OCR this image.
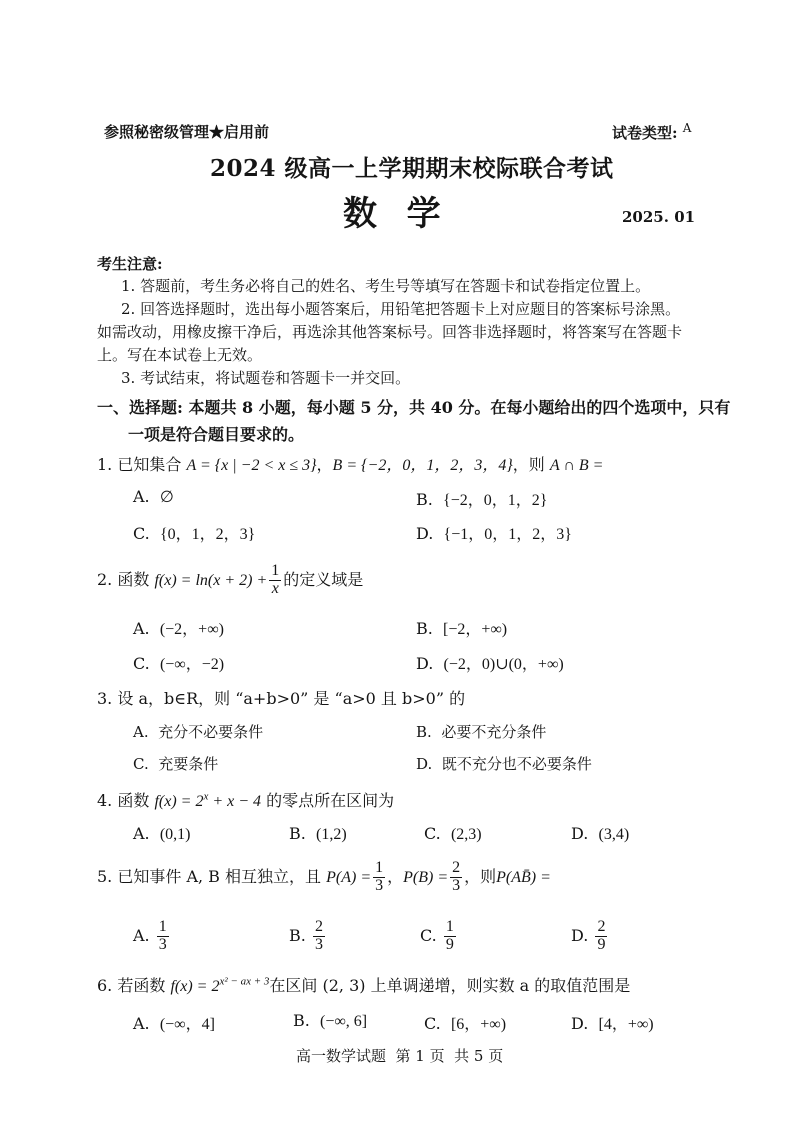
参照秘密级管理★启用前	试卷类型: $^A$
2024 级高一上学期期末校际联合考试
数  学	2025. 01
考生注意:
1. 答题前，考生务必将自己的姓名、考生号等填写在答题卡和试卷指定位置上。
2. 回答选择题时，选出每小题答案后，用铅笔把答题卡上对应题目的答案标号涂黑。
如需改动，用橡皮擦干净后，再选涂其他答案标号。回答非选择题时，将答案写在答题卡
上。写在本试卷上无效。
3. 考试结束，将试题卷和答题卡一并交回。
一、选择题: 本题共 8 小题，每小题 5 分，共 40 分。在每小题给出的四个选项中，只有
一项是符合题目要求的。
1. 已知集合 A = {x | −2 < x ≤ 3}，B = {−2，0，1，2，3，4}，则 A ∩ B =
A. ∅	B. {−2，0，1，2}
C. {0，1，2，3}	D. {−1，0，1，2，3}
2. 函数 $f(x) = \ln(x + 2) + \frac{1}{x}$ 的定义域是
A. (−2，+∞)	B. [−2，+∞)
C. (−∞，−2)	D. (−2，0)∪(0，+∞)
3. 设 a，b∈R，则 “a+b>0” 是 “a>0 且 b>0” 的
A. 充分不必要条件	B. 必要不充分条件
C. 充要条件	D. 既不充分也不必要条件
4. 函数 $f(x) = 2^x + x - 4$ 的零点所在区间为
A. (0,1)	B. (1,2)	C. (2,3)	D. (3,4)
5. 已知事件 A, B 相互独立，且 $P(A) = \frac{1}{3}$ ，$P(B) = \frac{2}{3}$ ，则P(AB̄) =
A. $\frac{1}{3}$	B. $\frac{2}{3}$	C. $\frac{1}{9}$	D. $\frac{2}{9}$
6. 若函数 $f(x) = 2^{x^2 - ax + 3}$在区间 (2, 3) 上单调递增，则实数 a 的取值范围是
A. (−∞，4]	B. (−∞, 6]	C. [6，+∞)	D. [4，+∞)
高一数学试题  第 1 页  共 5 页
